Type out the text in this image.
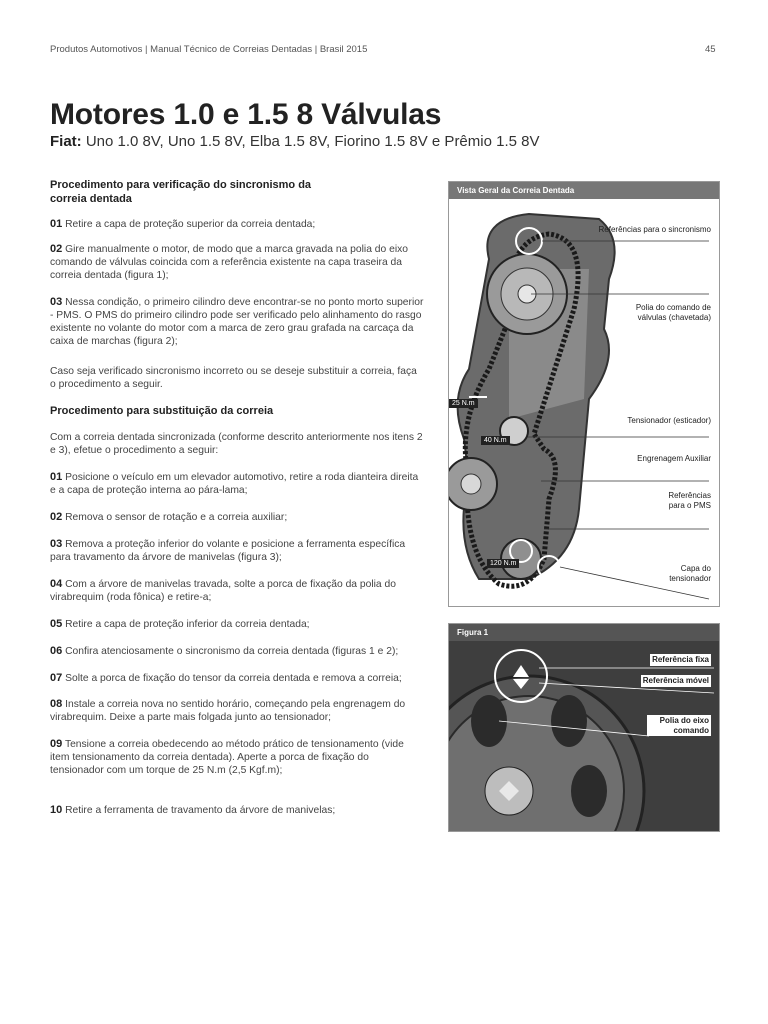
Produtos Automotivos | Manual Técnico de Correias Dentadas | Brasil 2015	45
Motores 1.0 e 1.5 8 Válvulas
Fiat: Uno 1.0 8V, Uno 1.5 8V, Elba 1.5 8V, Fiorino 1.5 8V e Prêmio 1.5 8V
Procedimento para verificação do sincronismo da correia dentada
01 Retire a capa de proteção superior da correia dentada;
02 Gire manualmente o motor, de modo que a marca gravada na polia do eixo comando de válvulas coincida com a referência existente na capa traseira da correia dentada (figura 1);
03 Nessa condição, o primeiro cilindro deve encontrar-se no ponto morto superior - PMS. O PMS do primeiro cilindro pode ser verificado pelo alinhamento do rasgo existente no volante do motor com a marca de zero grau grafada na carcaça da caixa de marchas (figura 2);
Caso seja verificado sincronismo incorreto ou se deseje substituir a correia, faça o procedimento a seguir.
Procedimento para substituição da correia
Com a correia dentada sincronizada (conforme descrito anteriormente nos itens 2 e 3), efetue o procedimento a seguir:
01 Posicione o veículo em um elevador automotivo, retire a roda dianteira direita e a capa de proteção interna ao pára-lama;
02 Remova o sensor de rotação e a correia auxiliar;
03 Remova a proteção inferior do volante e posicione a ferramenta específica para travamento da árvore de manivelas (figura 3);
04 Com a árvore de manivelas travada, solte a porca de fixação da polia do virabrequim (roda fônica) e retire-a;
05 Retire a capa de proteção inferior da correia dentada;
06 Confira atenciosamente o sincronismo da correia dentada (figuras 1 e 2);
07 Solte a porca de fixação do tensor da correia dentada e remova a correia;
08 Instale a correia nova no sentido horário, começando pela engrenagem do virabrequim. Deixe a parte mais folgada junto ao tensionador;
09 Tensione a correia obedecendo ao método prático de tensionamento (vide item tensionamento da correia dentada). Aperte a porca de fixação do tensionador com um torque de 25 N.m (2,5 Kgf.m);
10 Retire a ferramenta de travamento da árvore de manivelas;
Vista Geral da Correia Dentada
25 N.m
40 N.m
120 N.m
Referências para o sincronismo
Polia do comando de válvulas (chavetada)
Tensionador (esticador)
Engrenagem Auxiliar
Referências para o PMS
Capa do tensionador
Figura 1
Referência fixa
Referência móvel
Polia do eixo comando
